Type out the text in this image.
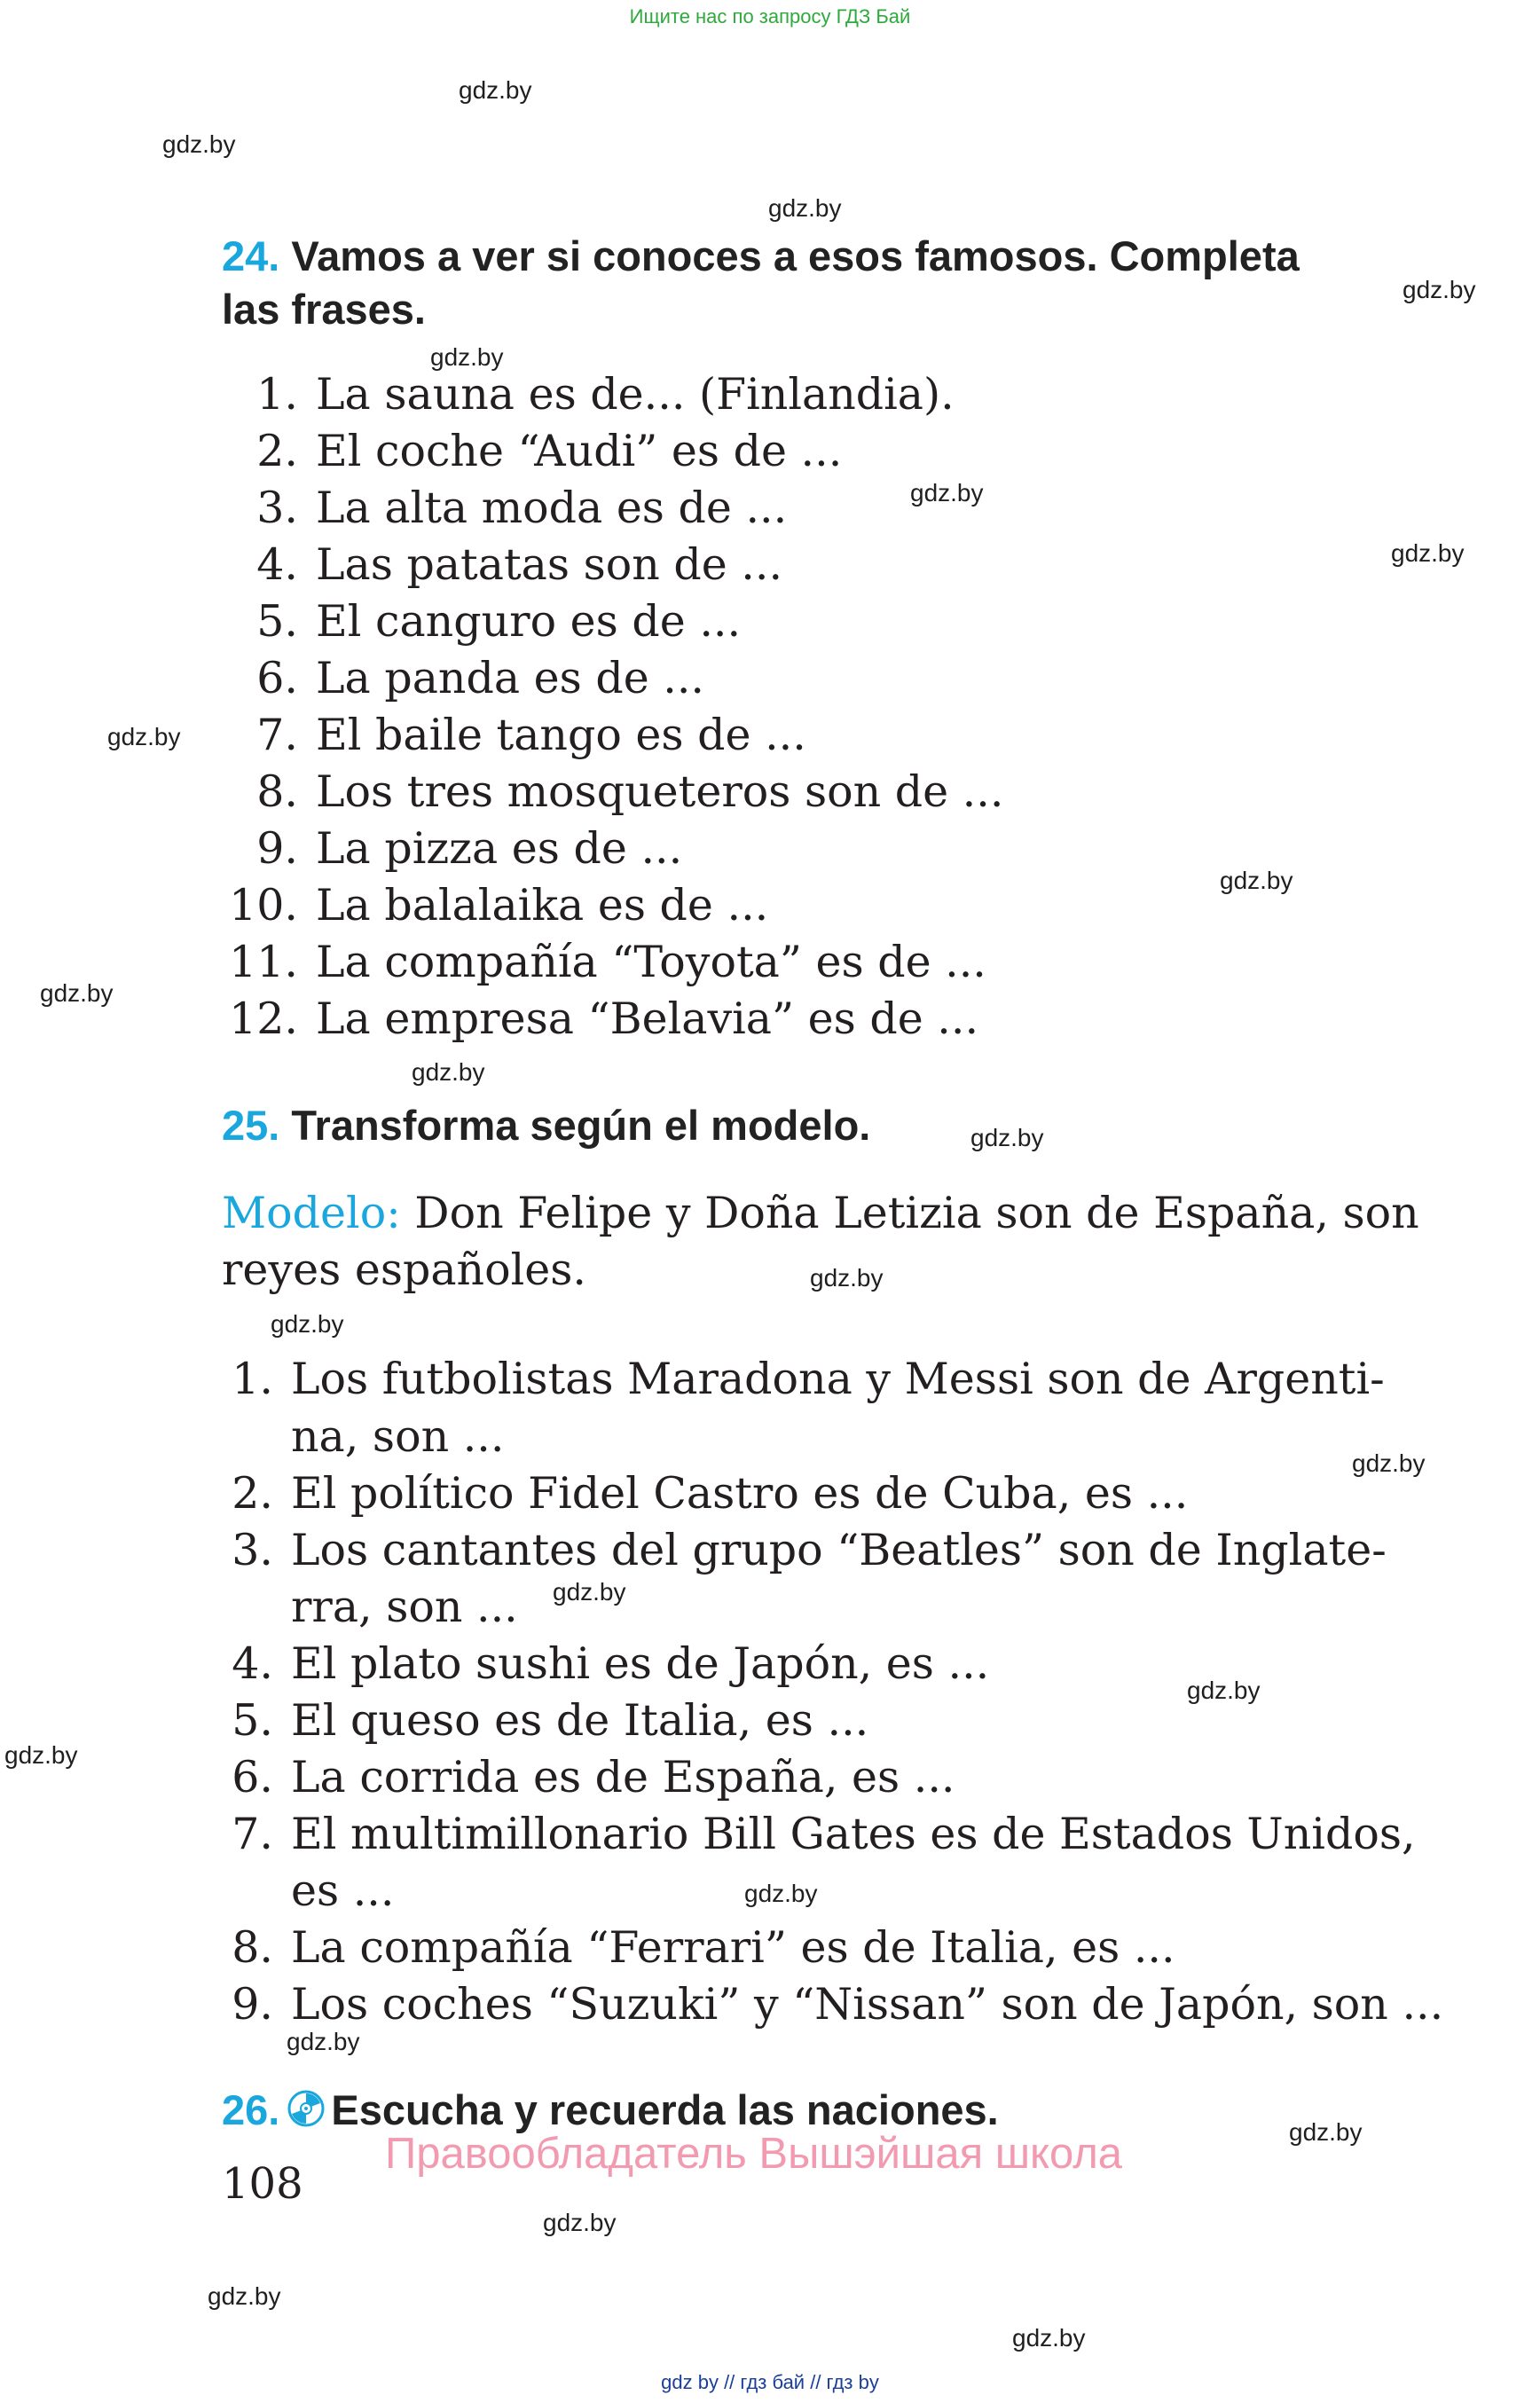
Ищите нас по запросу ГДЗ Бай
gdz by // гдз бай // гдз by
gdz.by
gdz.by
gdz.by
gdz.by
gdz.by
gdz.by
gdz.by
gdz.by
gdz.by
gdz.by
gdz.by
gdz.by
gdz.by
gdz.by
gdz.by
gdz.by
gdz.by
gdz.by
gdz.by
gdz.by
gdz.by
gdz.by
gdz.by
gdz.by
24. Vamos a ver si conoces a esos famosos. Completa
las frases.
1. La sauna es de... (Finlandia).
2. El coche “Audi” es de ...
3. La alta moda es de ...
4. Las patatas son de ...
5. El canguro es de ...
6. La panda es de ...
7. El baile tango es de ...
8. Los tres mosqueteros son de ...
9. La pizza es de ...
10. La balalaika es de ...
11. La compañía “Toyota” es de ...
12. La empresa “Belavia” es de ...
25. Transforma según el modelo.
Modelo: Don Felipe y Doña Letizia son de España, son
reyes españoles.
1. Los futbolistas Maradona y Messi son de Argenti-
na, son ...
2. El político Fidel Castro es de Cuba, es ...
3. Los cantantes del grupo “Beatles” son de Inglate-
rra, son ...
4. El plato sushi es de Japón, es ...
5. El queso es de Italia, es ...
6. La corrida es de España, es ...
7. El multimillonario Bill Gates es de Estados Unidos,
es ...
8. La compañía “Ferrari” es de Italia, es ...
9. Los coches “Suzuki” y “Nissan” son de Japón, son ...
26. Escucha y recuerda las naciones.
Правообладатель Вышэйшая школа
108
